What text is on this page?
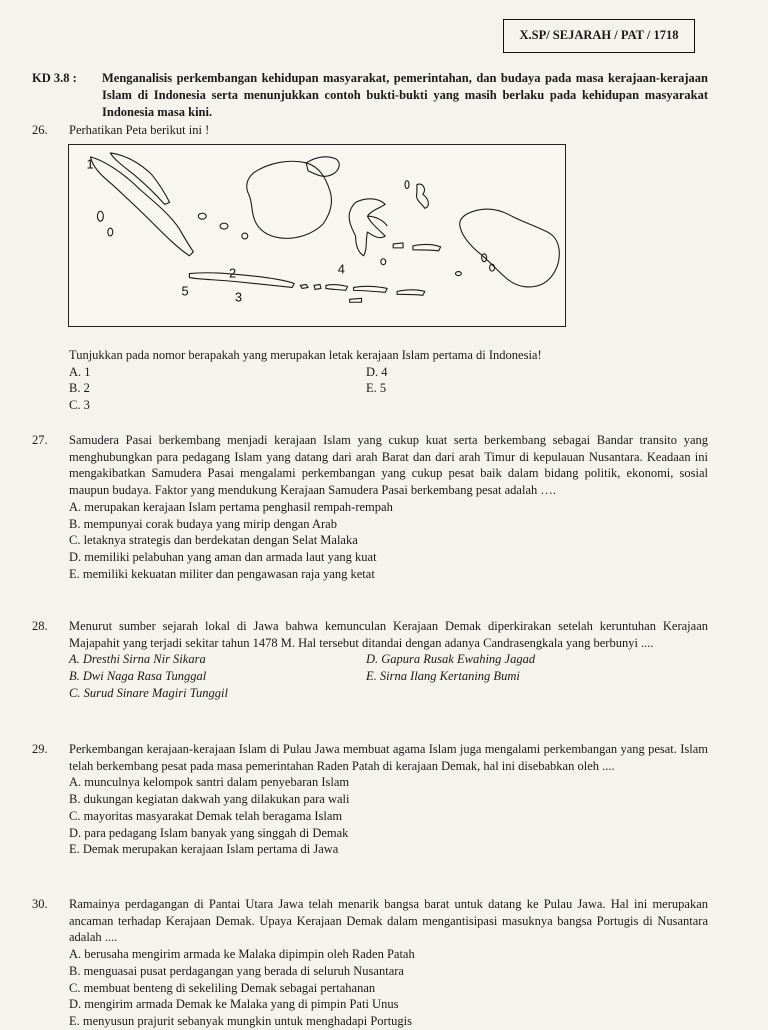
X.SP/ SEJARAH / PAT / 1718
KD 3.8 : Menganalisis perkembangan kehidupan masyarakat, pemerintahan, dan budaya pada masa kerajaan-kerajaan Islam di Indonesia serta menunjukkan contoh bukti-bukti yang masih berlaku pada kehidupan masyarakat Indonesia masa kini.
26. Perhatikan Peta berikut ini !
1
2
3
4
5
Tunjukkan pada nomor berapakah yang merupakan letak kerajaan Islam pertama di Indonesia!
A. 1	D. 4
B. 2	E. 5
C. 3
27. Samudera Pasai berkembang menjadi kerajaan Islam yang cukup kuat serta berkembang sebagai Bandar transito yang menghubungkan para pedagang Islam yang datang dari arah Barat dan dari arah Timur di kepulauan Nusantara. Keadaan ini mengakibatkan Samudera Pasai mengalami perkembangan yang cukup pesat baik dalam bidang politik, ekonomi, sosial maupun budaya. Faktor yang mendukung Kerajaan Samudera Pasai berkembang pesat adalah ….
A. merupakan kerajaan Islam pertama penghasil rempah-rempah
B. mempunyai corak budaya yang mirip dengan Arab
C. letaknya strategis dan berdekatan dengan Selat Malaka
D. memiliki pelabuhan yang aman dan armada laut yang kuat
E. memiliki kekuatan militer dan pengawasan raja yang ketat
28. Menurut sumber sejarah lokal di Jawa bahwa kemunculan Kerajaan Demak diperkirakan setelah keruntuhan Kerajaan Majapahit yang terjadi sekitar tahun 1478 M. Hal tersebut ditandai dengan adanya Candrasengkala yang berbunyi ....
A. Dresthi Sirna Nir Sikara	D. Gapura Rusak Ewahing Jagad
B. Dwi Naga Rasa Tunggal	E. Sirna Ilang Kertaning Bumi
C. Surud Sinare Magiri Tunggil
29. Perkembangan kerajaan-kerajaan Islam di Pulau Jawa membuat agama Islam juga mengalami perkembangan yang pesat. Islam telah berkembang pesat pada masa pemerintahan Raden Patah di kerajaan Demak, hal ini disebabkan oleh ....
A. munculnya kelompok santri dalam penyebaran Islam
B. dukungan kegiatan dakwah yang dilakukan para wali
C. mayoritas masyarakat Demak telah beragama Islam
D. para pedagang Islam banyak yang singgah di Demak
E. Demak merupakan kerajaan Islam pertama di Jawa
30. Ramainya perdagangan di Pantai Utara Jawa telah menarik bangsa barat untuk datang ke Pulau Jawa. Hal ini merupakan ancaman terhadap Kerajaan Demak. Upaya Kerajaan Demak dalam mengantisipasi masuknya bangsa Portugis di Nusantara adalah ....
A. berusaha mengirim armada ke Malaka dipimpin oleh Raden Patah
B. menguasai pusat perdagangan yang berada di seluruh Nusantara
C. membuat benteng di sekeliling Demak sebagai pertahanan
D. mengirim armada Demak ke Malaka yang di pimpin Pati Unus
E. menyusun prajurit sebanyak mungkin untuk menghadapi Portugis
